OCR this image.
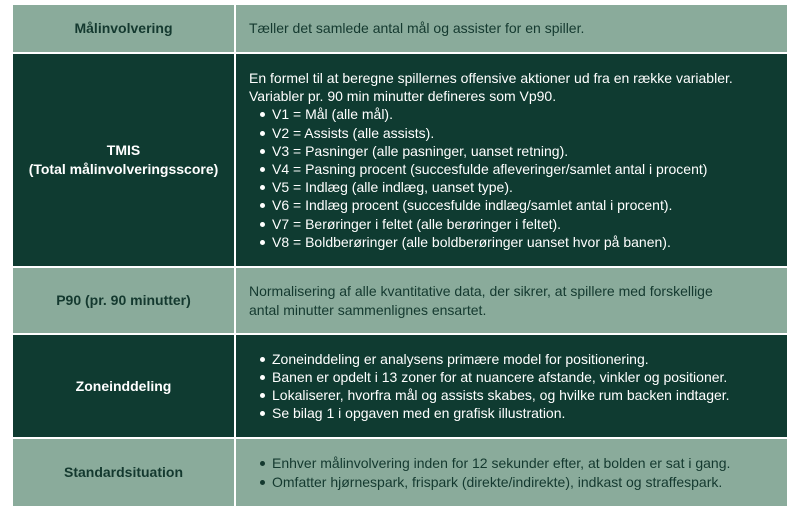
Målinvolvering	Tæller det samlede antal mål og assister for en spiller.

TMIS
(Total målinvolveringsscore)

En formel til at beregne spillernes offensive aktioner ud fra en række variabler.

Variabler pr. 90 min minutter defineres som Vp90.

V1 = Mål (alle mål).
V2 = Assists (alle assists).
V3 = Pasninger (alle pasninger, uanset retning).
V4 = Pasning procent (succesfulde afleveringer/samlet antal i procent)
V5 = Indlæg (alle indlæg, uanset type).
V6 = Indlæg procent (succesfulde indlæg/samlet antal i procent).
V7 = Berøringer i feltet (alle berøringer i feltet).
V8 = Boldberøringer (alle boldberøringer uanset hvor på banen).
P90 (pr. 90 minutter)

Normalisering af alle kvantitative data, der sikrer, at spillere med forskellige

antal minutter sammenlignes ensartet.

Zoneinddeling
Zoneinddeling er analysens primære model for positionering.
Banen er opdelt i 13 zoner for at nuancere afstande, vinkler og positioner.
Lokaliserer, hvorfra mål og assists skabes, og hvilke rum backen indtager.
Se bilag 1 i opgaven med en grafisk illustration.
Standardsituation
Enhver målinvolvering inden for 12 sekunder efter, at bolden er sat i gang.
Omfatter hjørnespark, frispark (direkte/indirekte), indkast og straffespark.
